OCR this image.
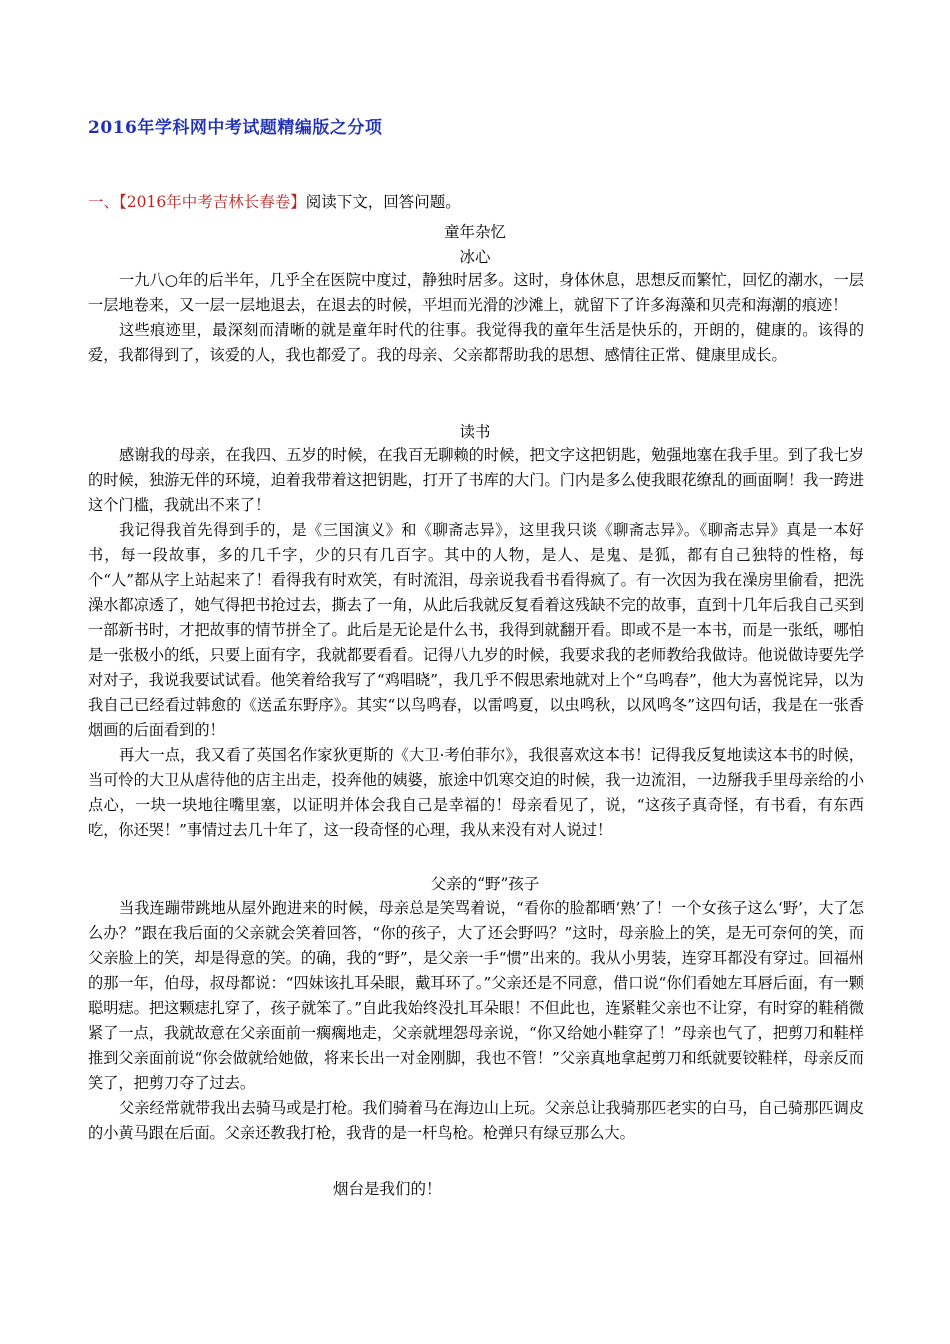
2016年学科网中考试题精编版之分项
一、【2016年中考吉林长春卷】阅读下文，回答问题。
童年杂忆
冰心

一九八○年的后半年，几乎全在医院中度过，静独时居多。这时，身体休息，思想反而繁忙，回忆的潮水，一层一层地卷来，又一层一层地退去，在退去的时候，平坦而光滑的沙滩上，就留下了许多海藻和贝壳和海潮的痕迹！

这些痕迹里，最深刻而清晰的就是童年时代的往事。我觉得我的童年生活是快乐的，开朗的，健康的。该得的爱，我都得到了，该爱的人，我也都爱了。我的母亲、父亲都帮助我的思想、感情往正常、健康里成长。

读书

感谢我的母亲，在我四、五岁的时候，在我百无聊赖的时候，把文字这把钥匙，勉强地塞在我手里。到了我七岁的时候，独游无伴的环境，迫着我带着这把钥匙，打开了书库的大门。门内是多么使我眼花缭乱的画面啊！我一跨进这个门槛，我就出不来了！

我记得我首先得到手的，是《三国演义》和《聊斋志异》，这里我只谈《聊斋志异》。《聊斋志异》真是一本好书，每一段故事，多的几千字，少的只有几百字。其中的人物，是人、是鬼、是狐，都有自己独特的性格，每个“人”都从字上站起来了！看得我有时欢笑，有时流泪，母亲说我看书看得疯了。有一次因为我在澡房里偷看，把洗澡水都凉透了，她气得把书抢过去，撕去了一角，从此后我就反复看着这残缺不完的故事，直到十几年后我自己买到一部新书时，才把故事的情节拼全了。此后是无论是什么书，我得到就翻开看。即或不是一本书，而是一张纸，哪怕是一张极小的纸，只要上面有字，我就都要看看。记得八九岁的时候，我要求我的老师教给我做诗。他说做诗要先学对对子，我说我要试试看。他笑着给我写了“鸡唱晓”，我几乎不假思索地就对上个“乌鸣春”，他大为喜悦诧异，以为我自己已经看过韩愈的《送孟东野序》。其实“以鸟鸣春，以雷鸣夏，以虫鸣秋，以风鸣冬”这四句话，我是在一张香烟画的后面看到的！

再大一点，我又看了英国名作家狄更斯的《大卫·考伯菲尔》，我很喜欢这本书！记得我反复地读这本书的时候，当可怜的大卫从虐待他的店主出走，投奔他的姨婆，旅途中饥寒交迫的时候，我一边流泪，一边掰我手里母亲给的小点心，一块一块地往嘴里塞，以证明并体会我自己是幸福的！母亲看见了，说，“这孩子真奇怪，有书看，有东西吃，你还哭！”事情过去几十年了，这一段奇怪的心理，我从来没有对人说过！

父亲的“野”孩子

当我连蹦带跳地从屋外跑进来的时候，母亲总是笑骂着说，“看你的脸都晒‘熟’了！一个女孩子这么‘野’，大了怎么办？”跟在我后面的父亲就会笑着回答，“你的孩子，大了还会野吗？”这时，母亲脸上的笑，是无可奈何的笑，而父亲脸上的笑，却是得意的笑。的确，我的“野”，是父亲一手“惯”出来的。我从小男装，连穿耳都没有穿过。回福州的那一年，伯母，叔母都说：“四妹该扎耳朵眼，戴耳环了。”父亲还是不同意，借口说“你们看她左耳唇后面，有一颗聪明痣。把这颗痣扎穿了，孩子就笨了。”自此我始终没扎耳朵眼！不但此也，连紧鞋父亲也不让穿，有时穿的鞋稍微紧了一点，我就故意在父亲面前一瘸瘸地走，父亲就埋怨母亲说，“你又给她小鞋穿了！”母亲也气了，把剪刀和鞋样推到父亲面前说“你会做就给她做，将来长出一对金刚脚，我也不管！”父亲真地拿起剪刀和纸就要铰鞋样，母亲反而笑了，把剪刀夺了过去。

父亲经常就带我出去骑马或是打枪。我们骑着马在海边山上玩。父亲总让我骑那匹老实的白马，自己骑那匹调皮的小黄马跟在后面。父亲还教我打枪，我背的是一杆鸟枪。枪弹只有绿豆那么大。

烟台是我们的！
